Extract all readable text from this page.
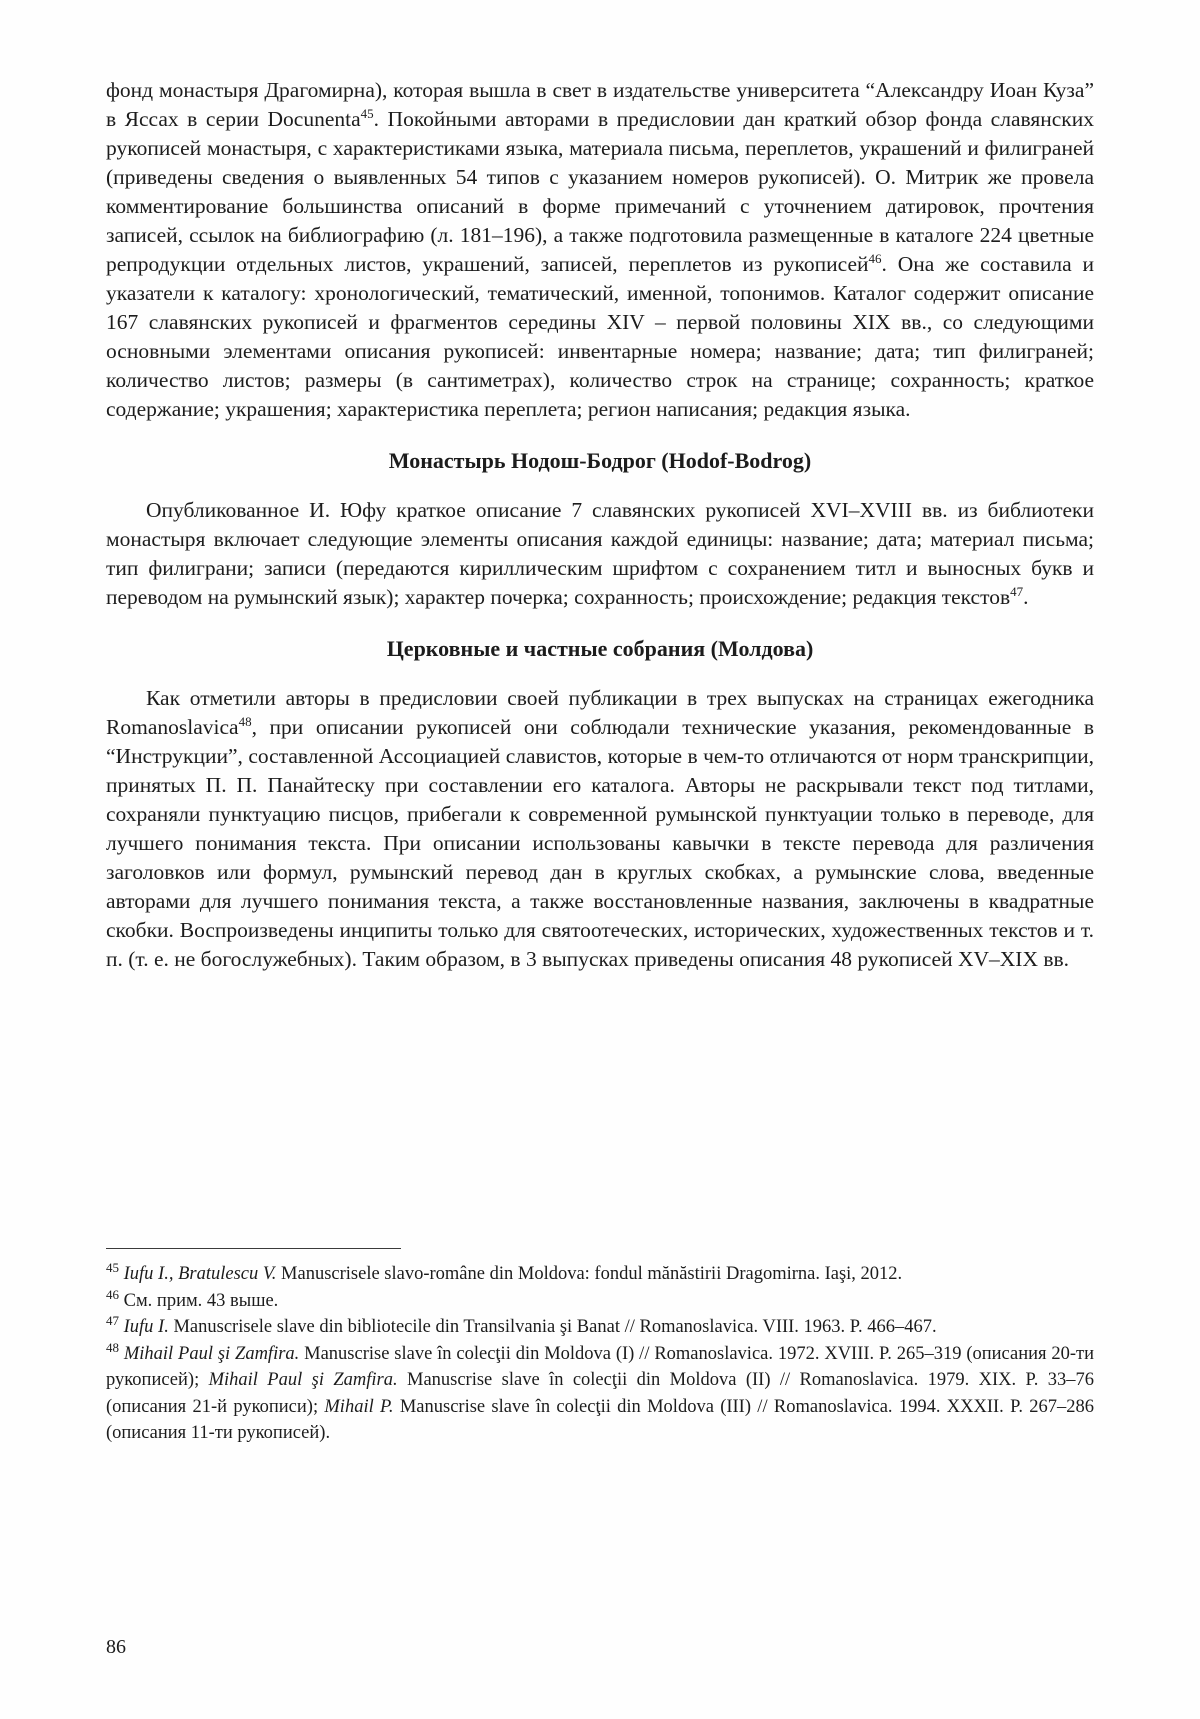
фонд монастыря Драгомирна), которая вышла в свет в издательстве университета “Александру Иоан Куза” в Яссах в серии Docunenta$^{45}$. Покойными авторами в предисловии дан краткий обзор фонда славянских рукописей монастыря, с характеристиками языка, материала письма, переплетов, украшений и филиграней (приведены сведения о выявленных 54 типов с указанием номеров рукописей). О. Митрик же провела комментирование большинства описаний в форме примечаний с уточнением датировок, прочтения записей, ссылок на библиографию (л. 181–196), а также подготовила размещенные в каталоге 224 цветные репродукции отдельных листов, украшений, записей, переплетов из рукописей$^{46}$. Она же составила и указатели к каталогу: хронологический, тематический, именной, топонимов. Каталог содержит описание 167 славянских рукописей и фрагментов середины XIV – первой половины XIX вв., со следующими основными элементами описания рукописей: инвентарные номера; название; дата; тип филиграней; количество листов; размеры (в сантиметрах), количество строк на странице; сохранность; краткое содержание; украшения; характеристика переплета; регион написания; редакция языка.

Монастырь Нодош-Бодрог (Hodof-Bodrog)

Опубликованное И. Юфу краткое описание 7 славянских рукописей XVI–XVIII вв. из библиотеки монастыря включает следующие элементы описания каждой единицы: название; дата; материал письма; тип филиграни; записи (передаются кириллическим шрифтом с сохранением титл и выносных букв и переводом на румынский язык); характер почерка; сохранность; происхождение; редакция текстов$^{47}$.

Церковные и частные собрания (Молдова)

Как отметили авторы в предисловии своей публикации в трех выпусках на страницах ежегодника Romanoslavica$^{48}$, при описании рукописей они соблюдали технические указания, рекомендованные в “Инструкции”, составленной Ассоциацией славистов, которые в чем-то отличаются от норм транскрипции, принятых П. П. Панайтеску при составлении его каталога. Авторы не раскрывали текст под титлами, сохраняли пунктуацию писцов, прибегали к современной румынской пунктуации только в переводе, для лучшего понимания текста. При описании использованы кавычки в тексте перевода для различения заголовков или формул, румынский перевод дан в круглых скобках, а румынские слова, введенные авторами для лучшего понимания текста, а также восстановленные названия, заключены в квадратные скобки. Воспроизведены инципиты только для святоотеческих, исторических, художественных текстов и т. п. (т. е. не богослужебных). Таким образом, в 3 выпусках приведены описания 48 рукописей XV–XIX вв.

$^{45}$ Iufu I., Bratulescu V. Manuscrisele slavo-române din Moldova: fondul mănăstirii Dragomirna. Iaşi, 2012.

$^{46}$ См. прим. 43 выше.

$^{47}$ Iufu I. Manuscrisele slave din bibliotecile din Transilvania şi Banat // Romanoslavica. VIII. 1963. P. 466–467.

$^{48}$ Mihail Paul şi Zamfira. Manuscrise slave în colecţii din Moldova (I) // Romanoslavica. 1972. XVIII. P. 265–319 (описания 20-ти рукописей); Mihail Paul şi Zamfira. Manuscrise slave în colecţii din Moldova (II) // Romanoslavica. 1979. XIX. P. 33–76 (описания 21-й рукописи); Mihail P. Manuscrise slave în colecţii din Moldova (III) // Romanoslavica. 1994. XXXII. P. 267–286 (описания 11-ти рукописей).

86
